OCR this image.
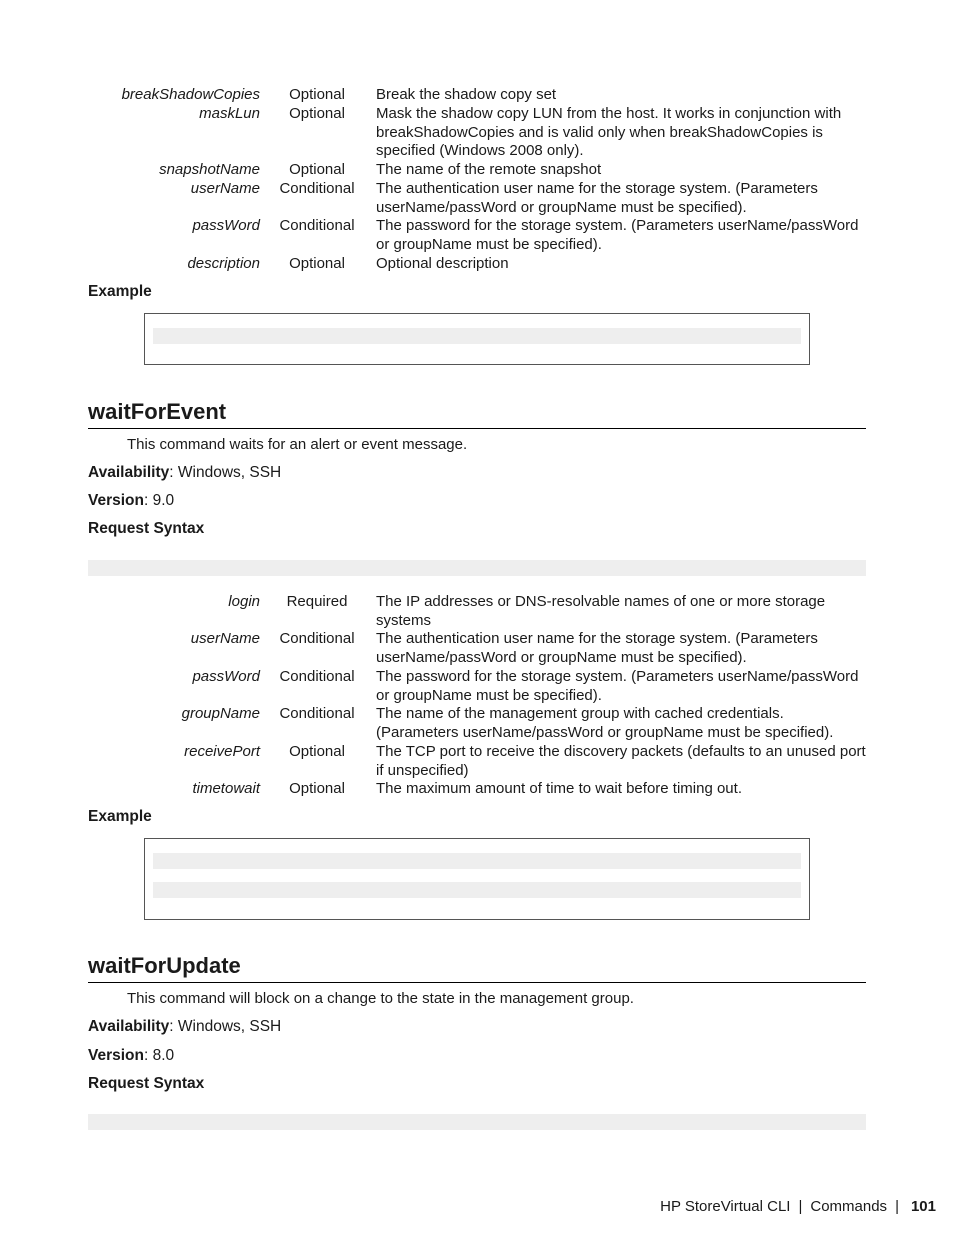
breakShadowCopies	Optional	Break the shadow copy set
maskLun	Optional	Mask the shadow copy LUN from the host. It works in conjunction with breakShadowCopies and is valid only when breakShadowCopies is specified (Windows 2008 only).
snapshotName	Optional	The name of the remote snapshot
userName	Conditional	The authentication user name for the storage system. (Parameters userName/passWord or groupName must be specified).
passWord	Conditional	The password for the storage system. (Parameters userName/passWord or groupName must be specified).
description	Optional	Optional description
Example
waitForEvent
This command waits for an alert or event message.
Availability: Windows, SSH
Version: 9.0
Request Syntax
login	Required	The IP addresses or DNS-resolvable names of one or more storage systems
userName	Conditional	The authentication user name for the storage system. (Parameters userName/passWord or groupName must be specified).
passWord	Conditional	The password for the storage system. (Parameters userName/passWord or groupName must be specified).
groupName	Conditional	The name of the management group with cached credentials. (Parameters userName/passWord or groupName must be specified).
receivePort	Optional	The TCP port to receive the discovery packets (defaults to an unused port if unspecified)
timetowait	Optional	The maximum amount of time to wait before timing out.
Example
waitForUpdate
This command will block on a change to the state in the management group.
Availability: Windows, SSH
Version: 8.0
Request Syntax
HP StoreVirtual CLI | Commands | 101
